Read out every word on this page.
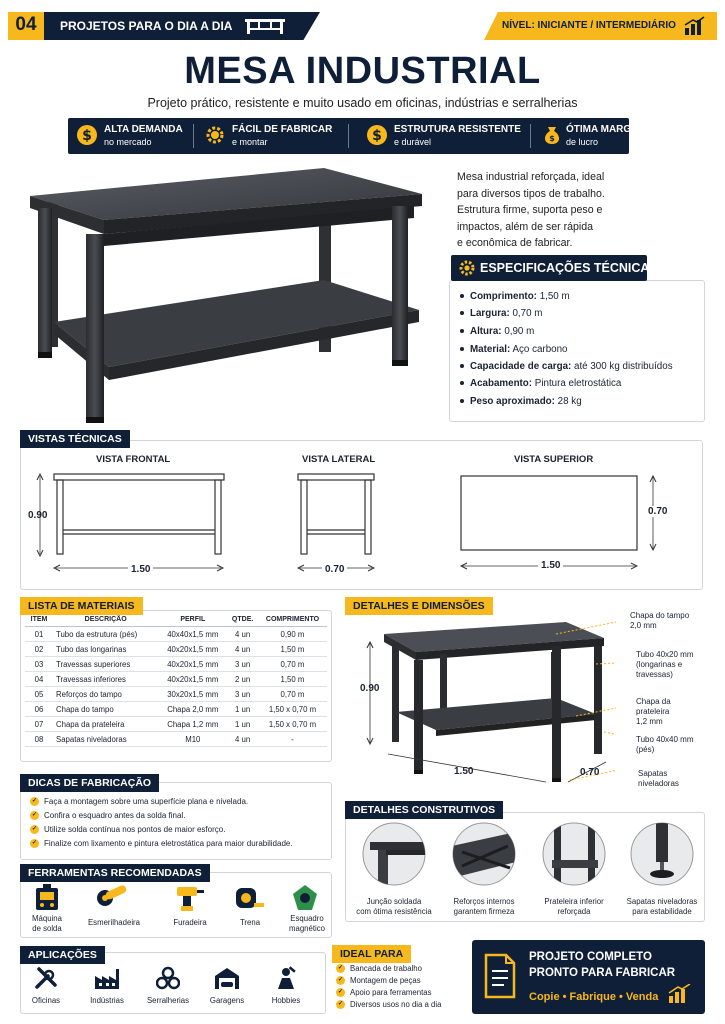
04	PROJETOS PARA O DIA A DIA	NÍVEL: INICIANTE / INTERMEDIÁRIO
MESA INDUSTRIAL
Projeto prático, resistente e muito usado em oficinas, indústrias e serralherias
$ ALTA DEMANDA
no mercado
FÁCIL DE FABRICAR
e montar	$ ESTRUTURA RESISTENTE
e durável	$
ÓTIMA MARGEM
de lucro
Mesa industrial reforçada, ideal
para diversos tipos de trabalho.
Estrutura firme, suporta peso e
impactos, além de ser rápida
e econômica de fabricar.
ESPECIFICAÇÕES TÉCNICAS
Comprimento: 1,50 m
Largura: 0,70 m
Altura: 0,90 m
Material: Aço carbono
Capacidade de carga: até 300 kg distribuídos
Acabamento: Pintura eletrostática
Peso aproximado: 28 kg
VISTAS TÉCNICAS
VISTA FRONTAL
0.90
1.50
VISTA LATERAL
0.70
VISTA SUPERIOR
0.70
1.50
ITEM	DESCRIÇÃO	PERFIL	QTDE.	COMPRIMENTO
01	Tubo da estrutura (pés)	40x40x1,5 mm	4 un	0,90 m
02	Tubo das longarinas	40x20x1,5 mm	4 un	1,50 m
03	Travessas superiores	40x20x1,5 mm	3 un	0,70 m
04	Travessas inferiores	40x20x1,5 mm	2 un	1,50 m
05	Reforços do tampo	30x20x1,5 mm	3 un	0,70 m
06	Chapa do tampo	Chapa 2,0 mm	1 un	1,50 x 0,70 m
07	Chapa da prateleira	Chapa 1,2 mm	1 un	1,50 x 0,70 m
08	Sapatas niveladoras	M10	4 un	-
LISTA DE MATERIAIS	DETALHES E DIMENSÕES
0.90
1.50	0.70
Chapa do tampo
2,0 mm
Tubo 40x20 mm
(longarinas e
travessas)
Chapa da
prateleira
1,2 mm
Tubo 40x40 mm
(pés)
Sapatas
niveladoras
DICAS DE FABRICAÇÃO
✓ Faça a montagem sobre uma superfície plana e nivelada.
✓ Confira o esquadro antes da solda final.
✓ Utilize solda contínua nos pontos de maior esforço.
✓ Finalize com lixamento e pintura eletrostática para maior durabilidade.
DETALHES CONSTRUTIVOS
Junção soldada
com ótima resistência
Reforços internos
garantem firmeza
Prateleira inferior
reforçada
Sapatas niveladoras
para estabilidade
FERRAMENTAS RECOMENDADAS
Máquina
de solda
Esmerilhadeira	Furadeira	Trena	Esquadro
magnético
APLICAÇÕES
Oficinas	Indústrias	Serralherias	Garagens	Hobbies
IDEAL PARA
✓ Bancada de trabalho
✓ Montagem de peças
✓ Apoio para ferramentas
✓ Diversos usos no dia a dia
PROJETO COMPLETO
PRONTO PARA FABRICAR
Copie • Fabrique • Venda
